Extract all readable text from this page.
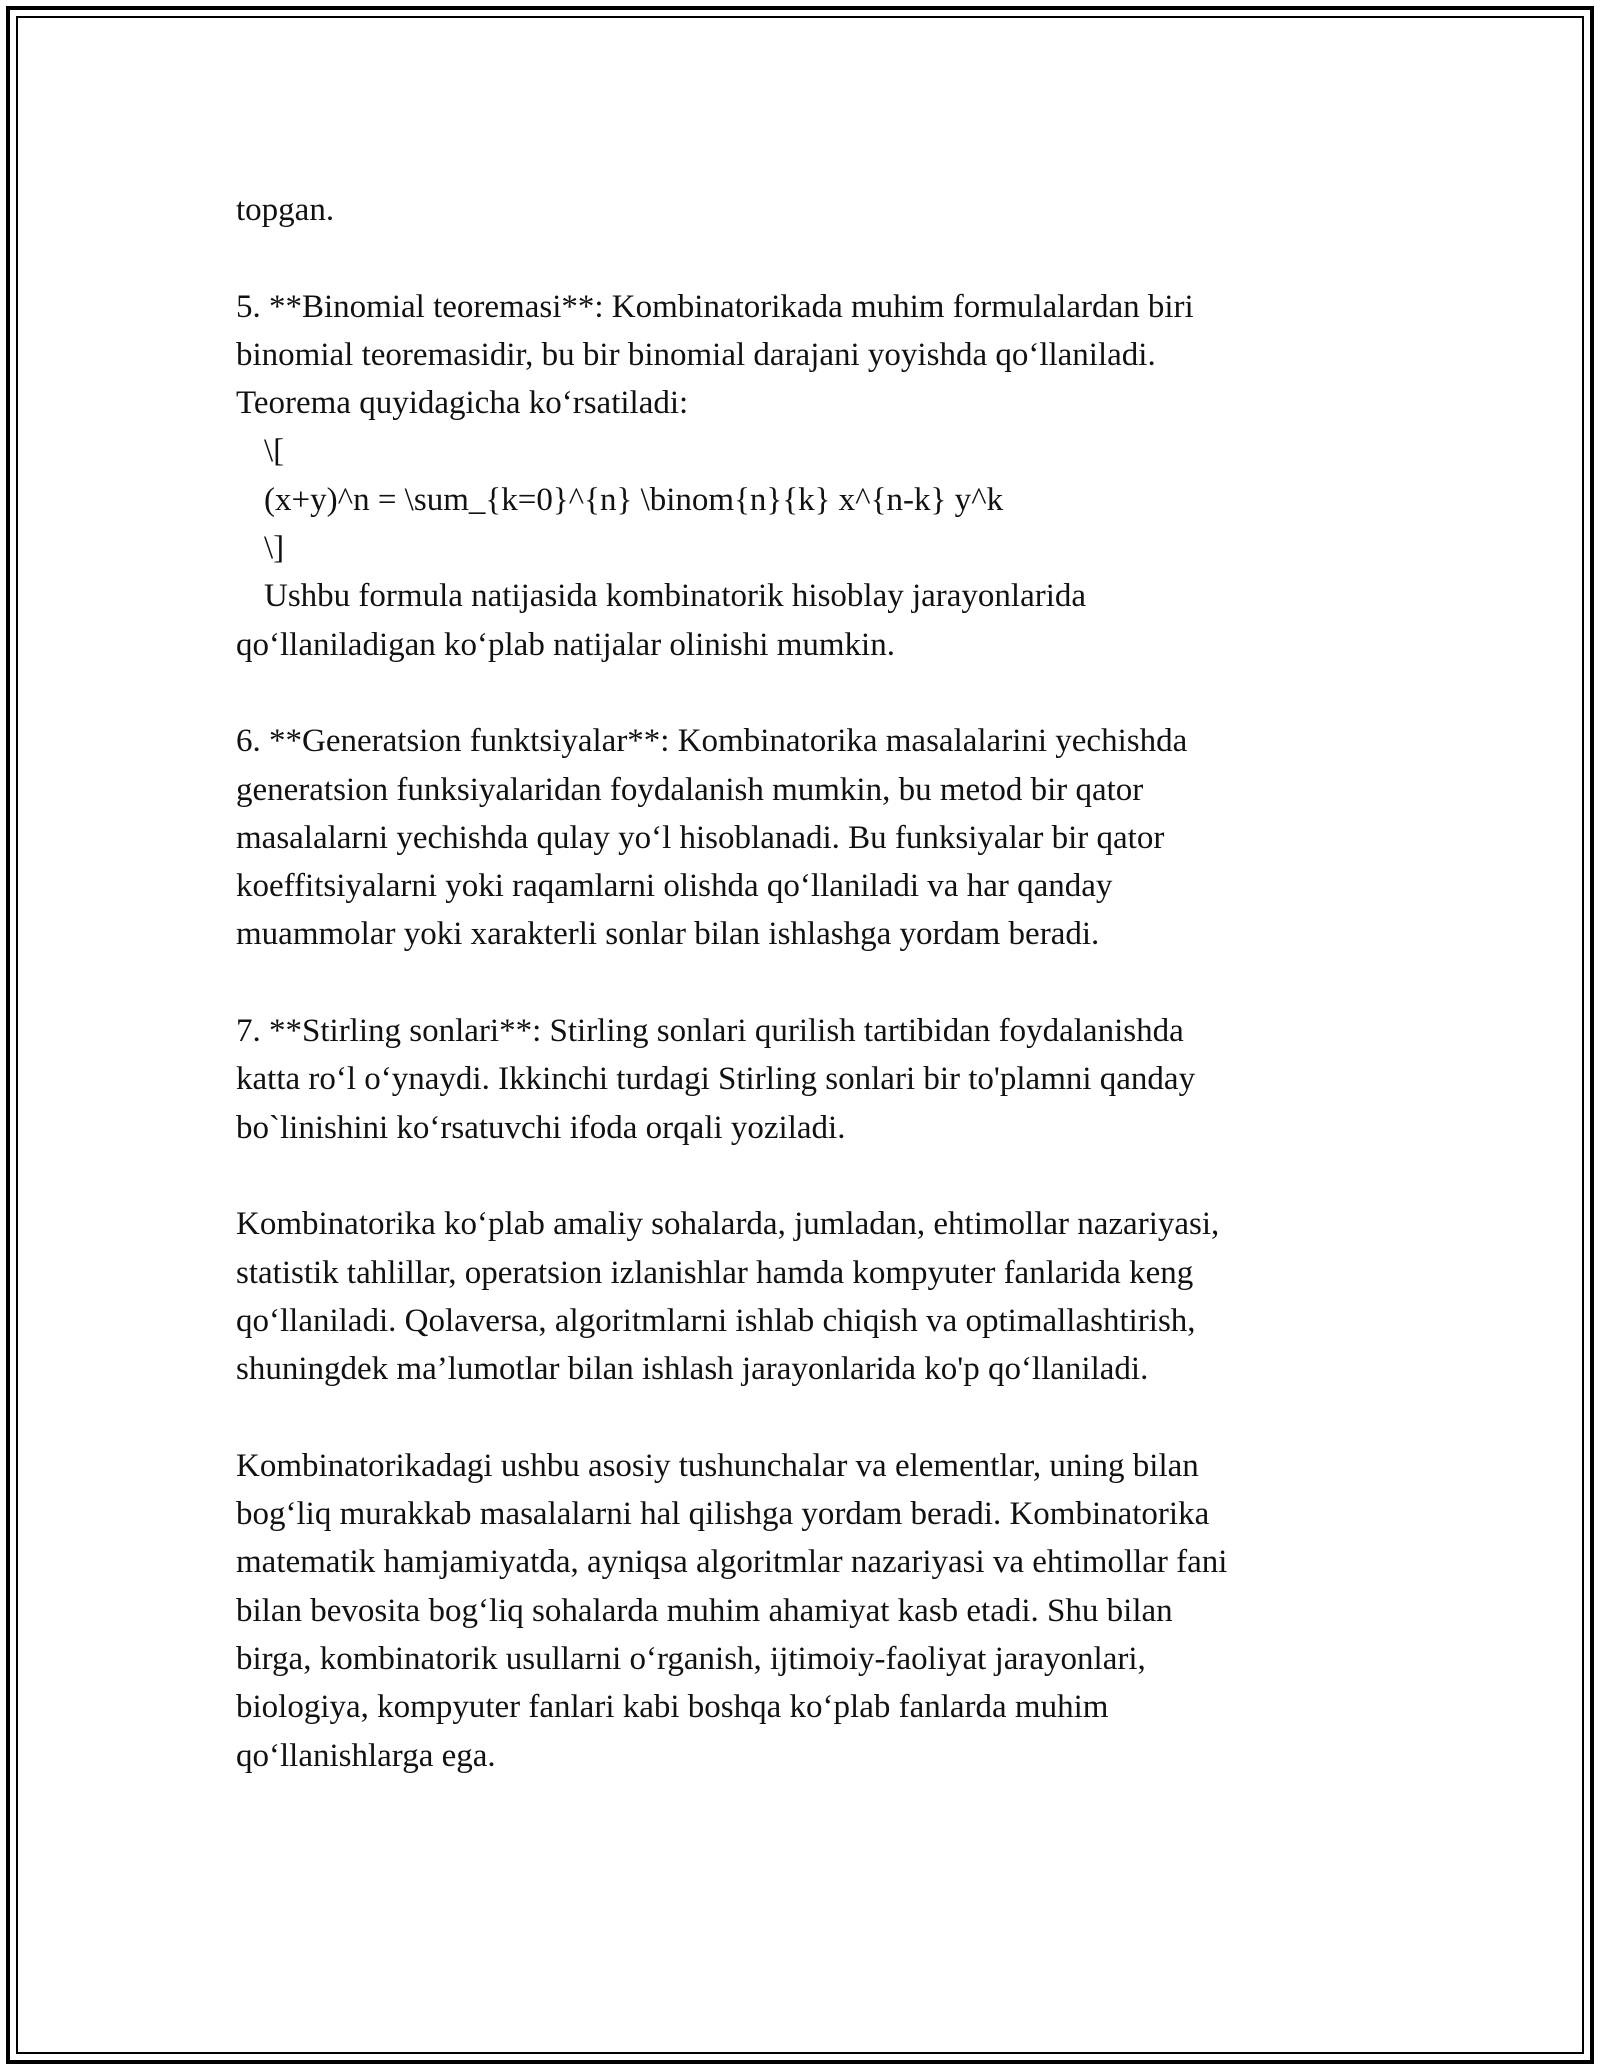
topgan.
5. **Binomial teoremasi**: Kombinatorikada muhim formulalardan biri
binomial teoremasidir, bu bir binomial darajani yoyishda qo‘llaniladi.
Teorema quyidagicha ko‘rsatiladi:
\[
(x+y)^n = \sum_{k=0}^{n} \binom{n}{k} x^{n-k} y^k
\]
Ushbu formula natijasida kombinatorik hisoblay jarayonlarida
qo‘llaniladigan ko‘plab natijalar olinishi mumkin.
6. **Generatsion funktsiyalar**: Kombinatorika masalalarini yechishda
generatsion funksiyalaridan foydalanish mumkin, bu metod bir qator
masalalarni yechishda qulay yo‘l hisoblanadi. Bu funksiyalar bir qator
koeffitsiyalarni yoki raqamlarni olishda qo‘llaniladi va har qanday
muammolar yoki xarakterli sonlar bilan ishlashga yordam beradi.
7. **Stirling sonlari**: Stirling sonlari qurilish tartibidan foydalanishda
katta ro‘l o‘ynaydi. Ikkinchi turdagi Stirling sonlari bir to'plamni qanday
bo`linishini ko‘rsatuvchi ifoda orqali yoziladi.
Kombinatorika ko‘plab amaliy sohalarda, jumladan, ehtimollar nazariyasi,
statistik tahlillar, operatsion izlanishlar hamda kompyuter fanlarida keng
qo‘llaniladi. Qolaversa, algoritmlarni ishlab chiqish va optimallashtirish,
shuningdek ma’lumotlar bilan ishlash jarayonlarida ko'p qo‘llaniladi.
Kombinatorikadagi ushbu asosiy tushunchalar va elementlar, uning bilan
bog‘liq murakkab masalalarni hal qilishga yordam beradi. Kombinatorika
matematik hamjamiyatda, ayniqsa algoritmlar nazariyasi va ehtimollar fani
bilan bevosita bog‘liq sohalarda muhim ahamiyat kasb etadi. Shu bilan
birga, kombinatorik usullarni o‘rganish, ijtimoiy-faoliyat jarayonlari,
biologiya, kompyuter fanlari kabi boshqa ko‘plab fanlarda muhim
qo‘llanishlarga ega.
